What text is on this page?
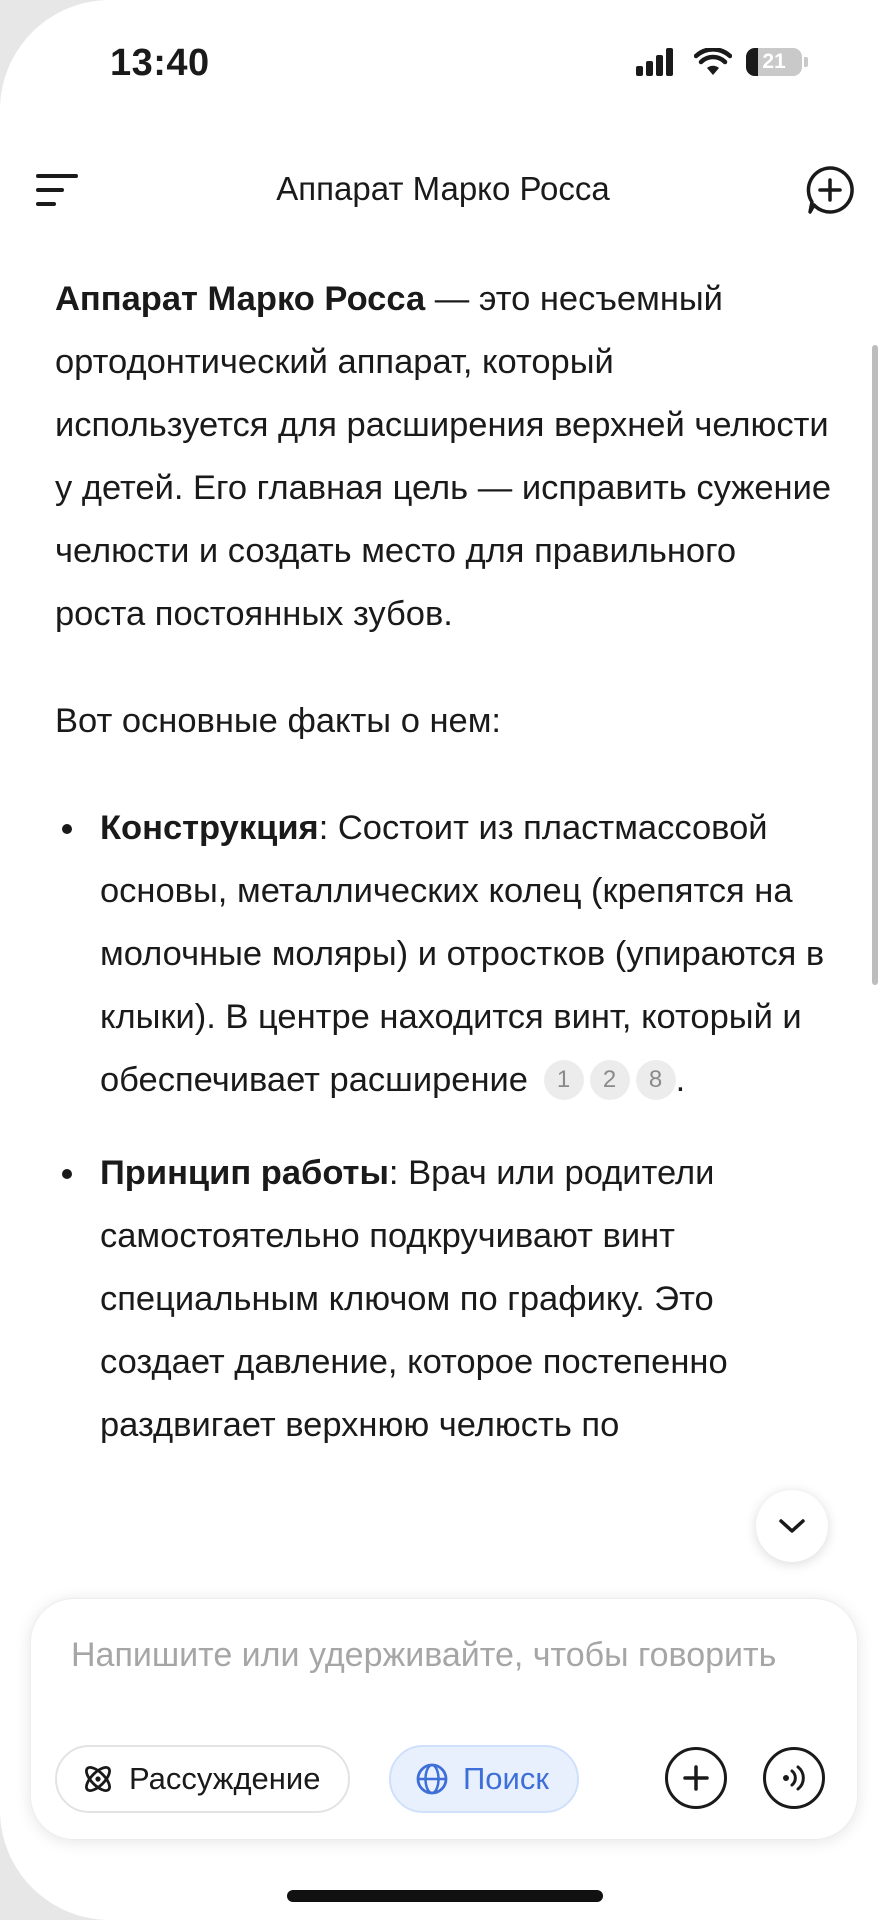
13:40	21
Аппарат Марко Росса

Аппарат Марко Росса — это несъемный ортодонтический аппарат, который используется для расширения верхней челюсти у детей. Его главная цель — исправить сужение челюсти и создать место для правильного роста постоянных зубов.

Вот основные факты о нем:

Конструкция: Состоит из пластмассовой основы, металлических колец (крепятся на молочные моляры) и отростков (упираются в клыки). В центре находится винт, который и обеспечивает расширение 1 2 8 .
Принцип работы: Врач или родители самостоятельно подкручивают винт специальным ключом по графику. Это создает давление, которое постепенно раздвигает верхнюю челюсть по
Напишите или удерживайте, чтобы говорить
Рассуждение	Поиск
